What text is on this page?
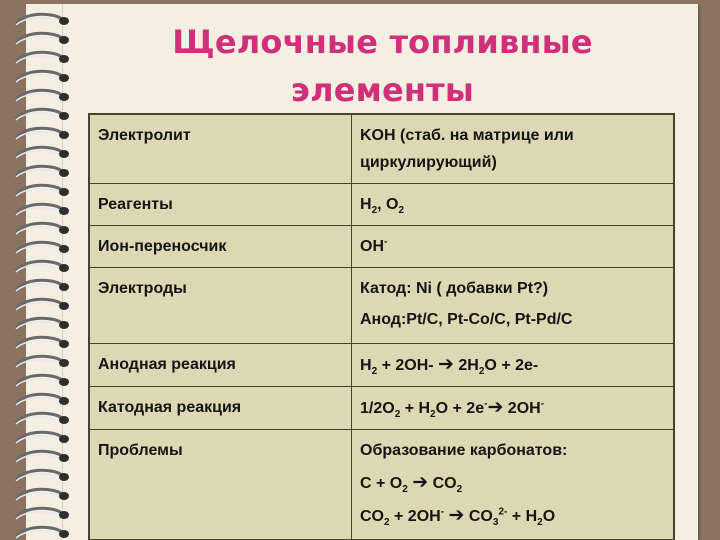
Щелочные топливные
элементы
Электролит	KOH (стаб. на матрице или циркулирующий)
Реагенты	$H_2$, $O_2$
Ион-переносчик	OH-
Электроды	Катод: Ni ( добавки Pt?)
Анод:Pt/C, Pt-Co/C, Pt-Pd/C

Анодная реакция	$H_2 + 2OH-$ ➔ $2H_2O + 2e-$
Катодная реакция	$1/2O_2 + H_2O$ + 2e-➔ 2OH-
Проблемы	Образование карбонатов:
$C + O_2$ ➔ $CO_2$
$CO_2 + 2OH^-$ ➔ $CO_3^{2-} + H_2O$
